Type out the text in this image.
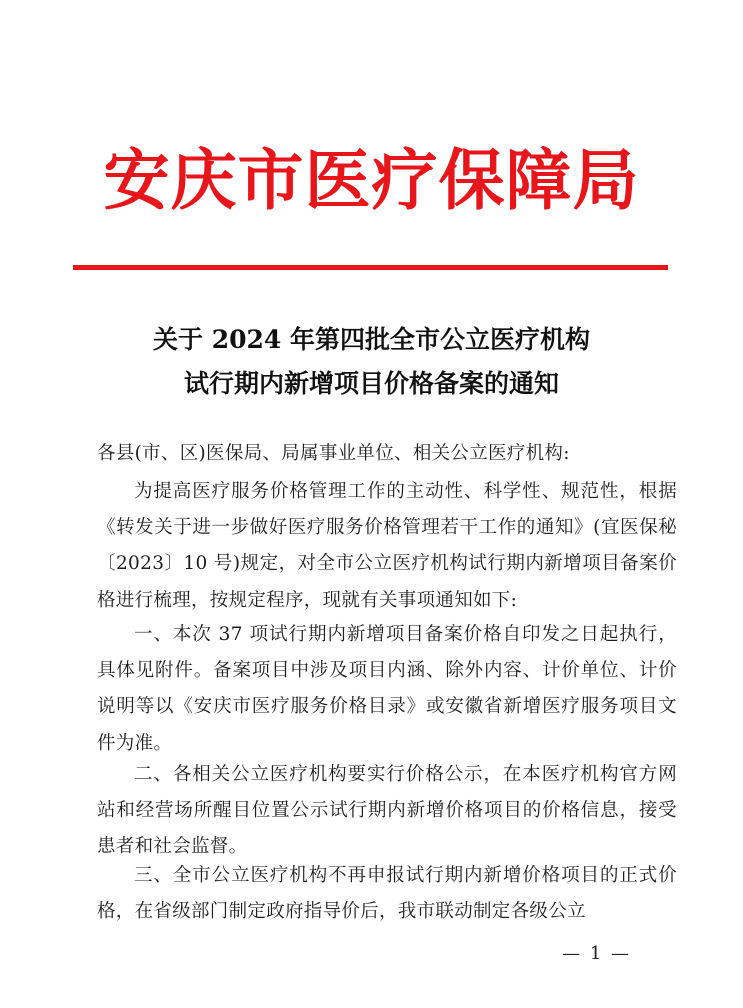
安庆市医疗保障局
关于 2024 年第四批全市公立医疗机构
试行期内新增项目价格备案的通知

各县(市、区)医保局、局属事业单位、相关公立医疗机构:

为提高医疗服务价格管理工作的主动性、科学性、规范性，根据《转发关于进一步做好医疗服务价格管理若干工作的通知》(宜医保秘〔2023〕10 号)规定，对全市公立医疗机构试行期内新增项目备案价格进行梳理，按规定程序，现就有关事项通知如下:

一、本次 37 项试行期内新增项目备案价格自印发之日起执行，具体见附件。备案项目中涉及项目内涵、除外内容、计价单位、计价说明等以《安庆市医疗服务价格目录》或安徽省新增医疗服务项目文件为准。

二、各相关公立医疗机构要实行价格公示，在本医疗机构官方网站和经营场所醒目位置公示试行期内新增价格项目的价格信息，接受患者和社会监督。

三、全市公立医疗机构不再申报试行期内新增价格项目的正式价格，在省级部门制定政府指导价后，我市联动制定各级公立

— 1 —
